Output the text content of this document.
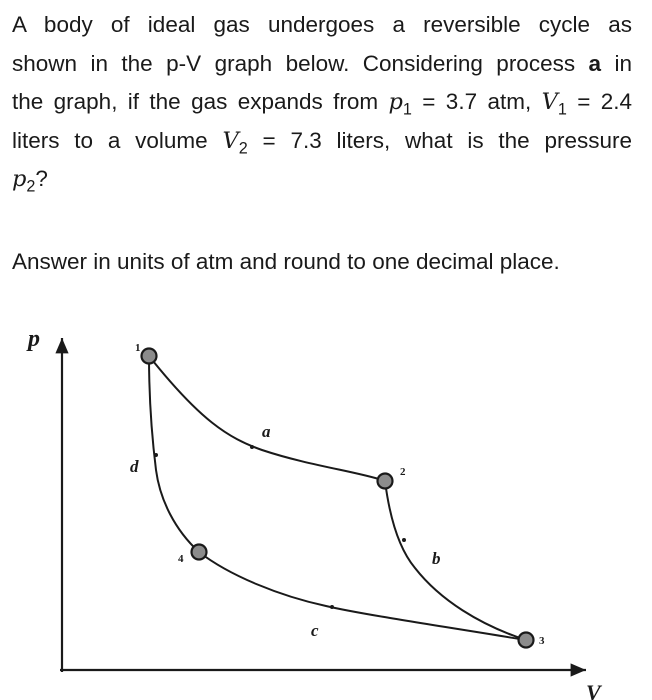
A body of ideal gas undergoes a reversible cycle as
shown in the p-V graph below. Considering process a in
the graph, if the gas expands from $p_1 = 3.7$ atm, $V_1 = 2.4$
liters to a volume $V_2 = 7.3$ liters, what is the pressure
$p_2$?
Answer in units of atm and round to one decimal place.
p
V
a
b
c
d
1
2
3
4
